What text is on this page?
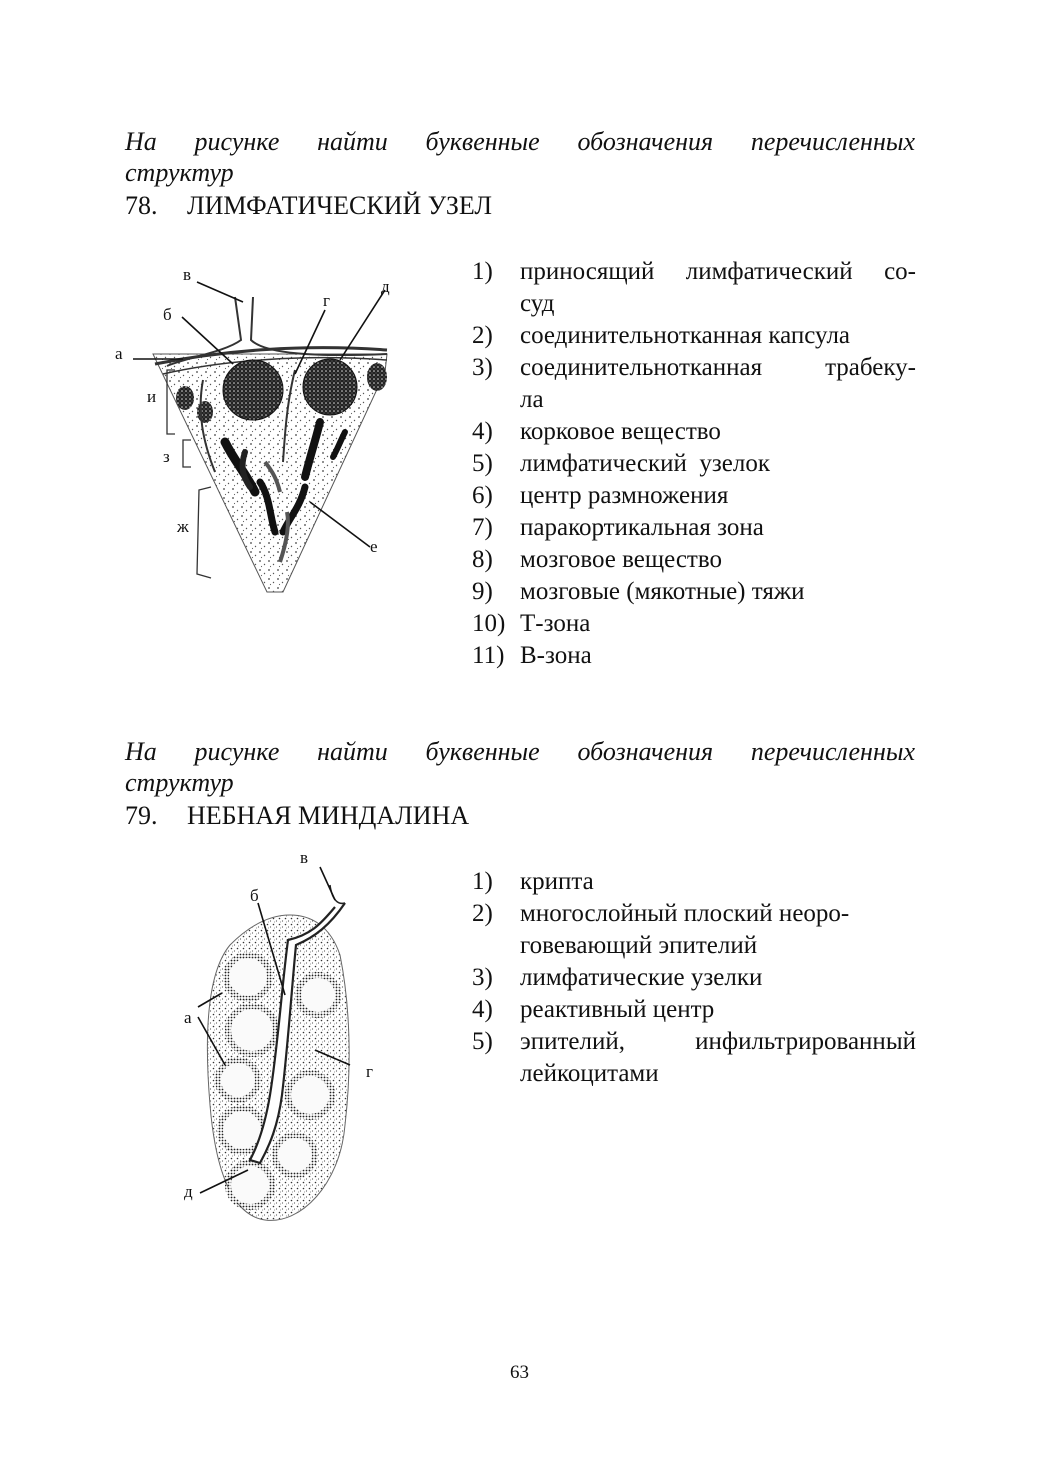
На рисунке найти буквенные обозначения перечисленных
структур
78. ЛИМФАТИЧЕСКИЙ УЗЕЛ
в
б
а
г
д
и
з
ж
е
1)	приносящий лимфатический со-
суд
2)	соединительнотканная капсула
3)	соединительнотканная трабеку-
ла
4)	корковое вещество
5)	лимфатический  узелок
6)	центр размножения
7)	паракортикальная зона
8)	мозговое вещество
9)	мозговые (мякотные) тяжи
10) Т-зона
11) В-зона
На рисунке найти буквенные обозначения перечисленных
структур
79. НЕБНАЯ МИНДАЛИНА
в
б
а
г
д
1)	крипта
2)	многослойный плоский неоро-
говевающий эпителий
3)	лимфатические узелки
4)	реактивный центр
5)	эпителий, инфильтрированный
лейкоцитами
63
